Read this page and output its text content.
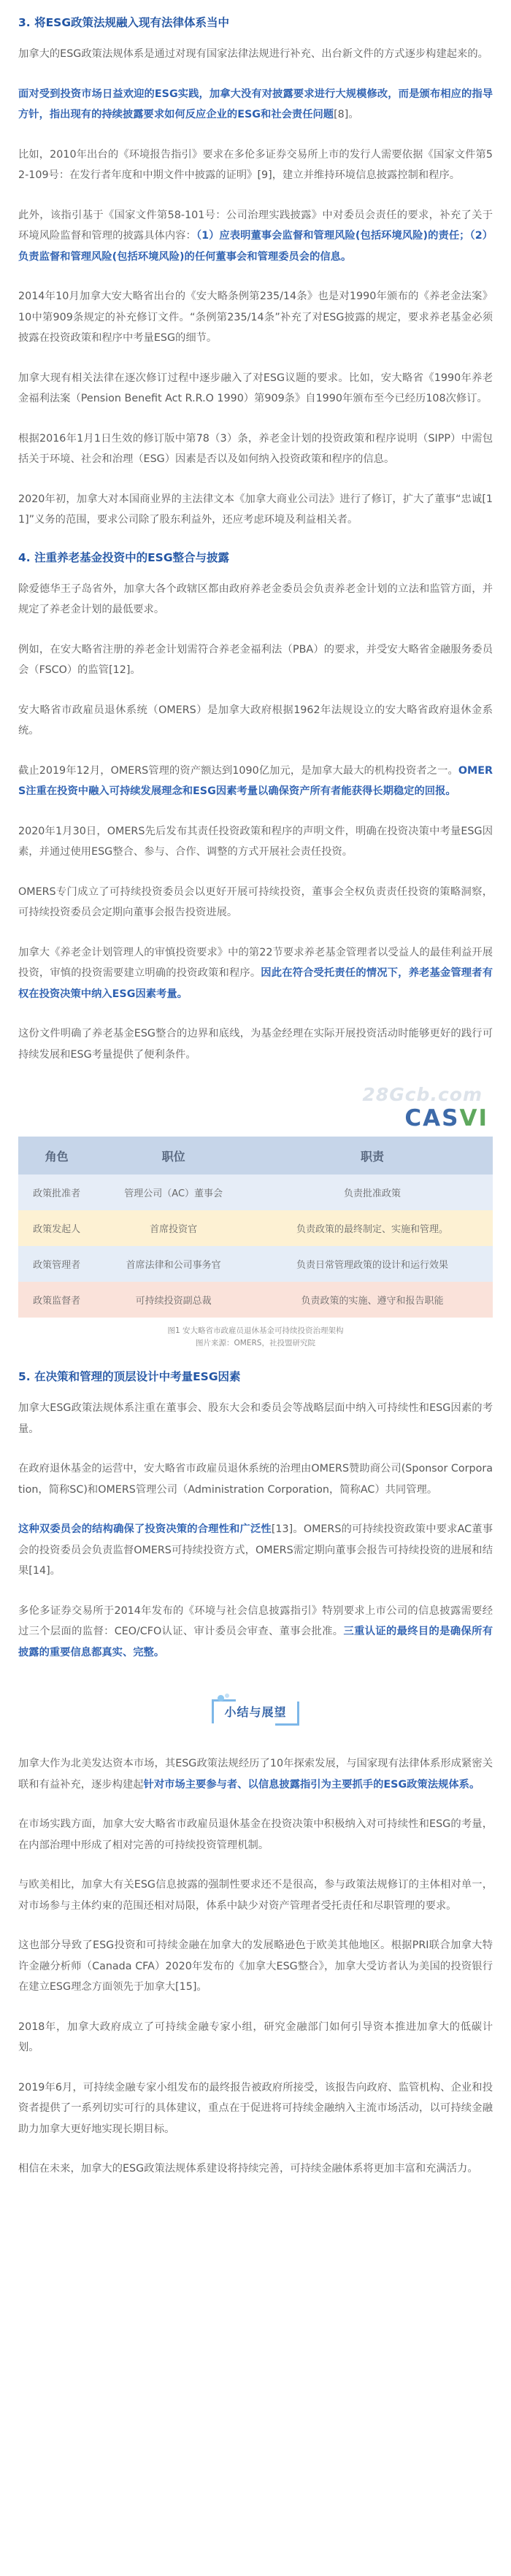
3. 将ESG政策法规融入现有法律体系当中

加拿大的ESG政策法规体系是通过对现有国家法律法规进行补充、出台新文件的方式逐步构建起来的。

面对受到投资市场日益欢迎的ESG实践，加拿大没有对披露要求进行大规模修改，而是颁布相应的指导方针，指出现有的持续披露要求如何反应企业的ESG和社会责任问题[8]。

比如，2010年出台的《环境报告指引》要求在多伦多证券交易所上市的发行人需要依据《国家文件第52-109号：在发行者年度和中期文件中披露的证明》[9]，建立并维持环境信息披露控制和程序。

此外，该指引基于《国家文件第58-101号：公司治理实践披露》中对委员会责任的要求，补充了关于环境风险监督和管理的披露具体内容：（1）应表明董事会监督和管理风险(包括环境风险)的责任；（2）负责监督和管理风险(包括环境风险)的任何董事会和管理委员会的信息。

2014年10月加拿大安大略省出台的《安大略条例第235/14条》也是对1990年颁布的《养老金法案》10中第909条规定的补充修订文件。“条例第235/14条”补充了对ESG披露的规定，要求养老基金必须披露在投资政策和程序中考量ESG的细节。

加拿大现有相关法律在逐次修订过程中逐步融入了对ESG议题的要求。比如，安大略省《1990年养老金福利法案（Pension Benefit Act R.R.O 1990）第909条》自1990年颁布至今已经历108次修订。

根据2016年1月1日生效的修订版中第78（3）条，养老金计划的投资政策和程序说明（SIPP）中需包括关于环境、社会和治理（ESG）因素是否以及如何纳入投资政策和程序的信息。

2020年初，加拿大对本国商业界的主法律文本《加拿大商业公司法》进行了修订，扩大了董事“忠诚[11]”义务的范围，要求公司除了股东利益外，还应考虑环境及利益相关者。

4. 注重养老基金投资中的ESG整合与披露

除爱德华王子岛省外，加拿大各个政辖区都由政府养老金委员会负责养老金计划的立法和监管方面，并规定了养老金计划的最低要求。

例如，在安大略省注册的养老金计划需符合养老金福利法（PBA）的要求，并受安大略省金融服务委员会（FSCO）的监管[12]。

安大略省市政雇员退休系统（OMERS）是加拿大政府根据1962年法规设立的安大略省政府退休金系统。

截止2019年12月，OMERS管理的资产额达到1090亿加元，是加拿大最大的机构投资者之一。OMERS注重在投资中融入可持续发展理念和ESG因素考量以确保资产所有者能获得长期稳定的回报。

2020年1月30日，OMERS先后发布其责任投资政策和程序的声明文件，明确在投资决策中考量ESG因素，并通过使用ESG整合、参与、合作、调整的方式开展社会责任投资。

OMERS专门成立了可持续投资委员会以更好开展可持续投资，董事会全权负责责任投资的策略洞察，可持续投资委员会定期向董事会报告投资进展。

加拿大《养老金计划管理人的审慎投资要求》中的第22节要求养老基金管理者以受益人的最佳利益开展投资，审慎的投资需要建立明确的投资政策和程序。因此在符合受托责任的情况下，养老基金管理者有权在投资决策中纳入ESG因素考量。

这份文件明确了养老基金ESG整合的边界和底线，为基金经理在实际开展投资活动时能够更好的践行可持续发展和ESG考量提供了便利条件。

28Gcb.com
CASVI
角色	职位	职责
政策批准者	管理公司（AC）董事会	负责批准政策
政策发起人	首席投资官	负责政策的最终制定、实施和管理。
政策管理者	首席法律和公司事务官	负责日常管理政策的设计和运行效果
政策监督者	可持续投资副总裁	负责政策的实施、遵守和报告职能
图1 安大略省市政雇员退休基金可持续投资治理架构
图片来源：OMERS，社投盟研究院
5. 在决策和管理的顶层设计中考量ESG因素

加拿大ESG政策法规体系注重在董事会、股东大会和委员会等战略层面中纳入可持续性和ESG因素的考量。

在政府退休基金的运营中，安大略省市政雇员退休系统的治理由OMERS赞助商公司(Sponsor Corporation，简称SC)和OMERS管理公司（Administration Corporation，简称AC）共同管理。

这种双委员会的结构确保了投资决策的合理性和广泛性[13]。OMERS的可持续投资政策中要求AC董事会的投资委员会负责监督OMERS可持续投资方式，OMERS需定期向董事会报告可持续投资的进展和结果[14]。

多伦多证券交易所于2014年发布的《环境与社会信息披露指引》特别要求上市公司的信息披露需要经过三个层面的监督：CEO/CFO认证、审计委员会审查、董事会批准。三重认证的最终目的是确保所有披露的重要信息都真实、完整。

小结与展望

加拿大作为北美发达资本市场，其ESG政策法规经历了10年探索发展，与国家现有法律体系形成紧密关联和有益补充，逐步构建起针对市场主要参与者、以信息披露指引为主要抓手的ESG政策法规体系。

在市场实践方面，加拿大安大略省市政雇员退休基金在投资决策中积极纳入对可持续性和ESG的考量，在内部治理中形成了相对完善的可持续投资管理机制。

与欧美相比，加拿大有关ESG信息披露的强制性要求还不是很高，参与政策法规修订的主体相对单一，对市场参与主体约束的范围还相对局限，体系中缺少对资产管理者受托责任和尽职管理的要求。

这也部分导致了ESG投资和可持续金融在加拿大的发展略逊色于欧美其他地区。根据PRI联合加拿大特许金融分析师（Canada CFA）2020年发布的《加拿大ESG整合》，加拿大受访者认为美国的投资银行在建立ESG理念方面领先于加拿大[15]。

2018年，加拿大政府成立了可持续金融专家小组，研究金融部门如何引导资本推进加拿大的低碳计划。

2019年6月，可持续金融专家小组发布的最终报告被政府所接受，该报告向政府、监管机构、企业和投资者提供了一系列切实可行的具体建议，重点在于促进将可持续金融纳入主流市场活动，以可持续金融助力加拿大更好地实现长期目标。

相信在未来，加拿大的ESG政策法规体系建设将持续完善，可持续金融体系将更加丰富和充满活力。
